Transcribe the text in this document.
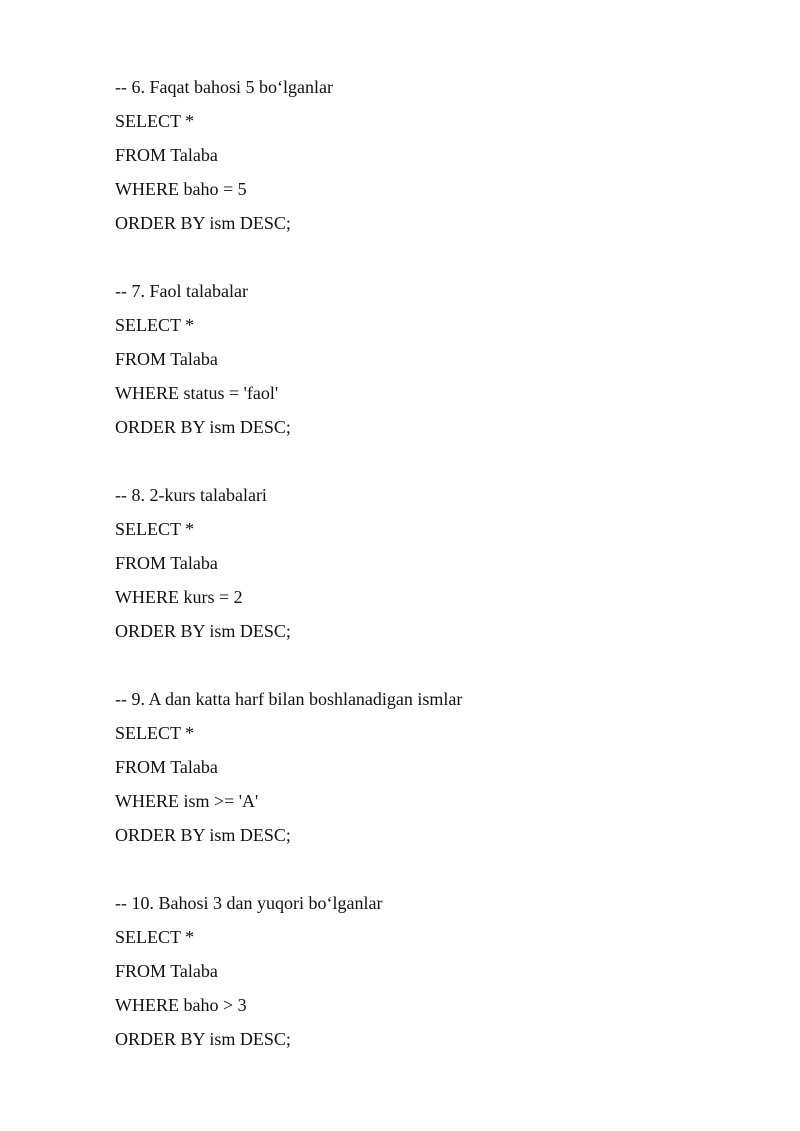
-- 6. Faqat bahosi 5 bo‘lganlar
SELECT *
FROM Talaba
WHERE baho = 5
ORDER BY ism DESC;
-- 7. Faol talabalar
SELECT *
FROM Talaba
WHERE status = 'faol'
ORDER BY ism DESC;
-- 8. 2-kurs talabalari
SELECT *
FROM Talaba
WHERE kurs = 2
ORDER BY ism DESC;
-- 9. A dan katta harf bilan boshlanadigan ismlar
SELECT *
FROM Talaba
WHERE ism >= 'A'
ORDER BY ism DESC;
-- 10. Bahosi 3 dan yuqori bo‘lganlar
SELECT *
FROM Talaba
WHERE baho > 3
ORDER BY ism DESC;
